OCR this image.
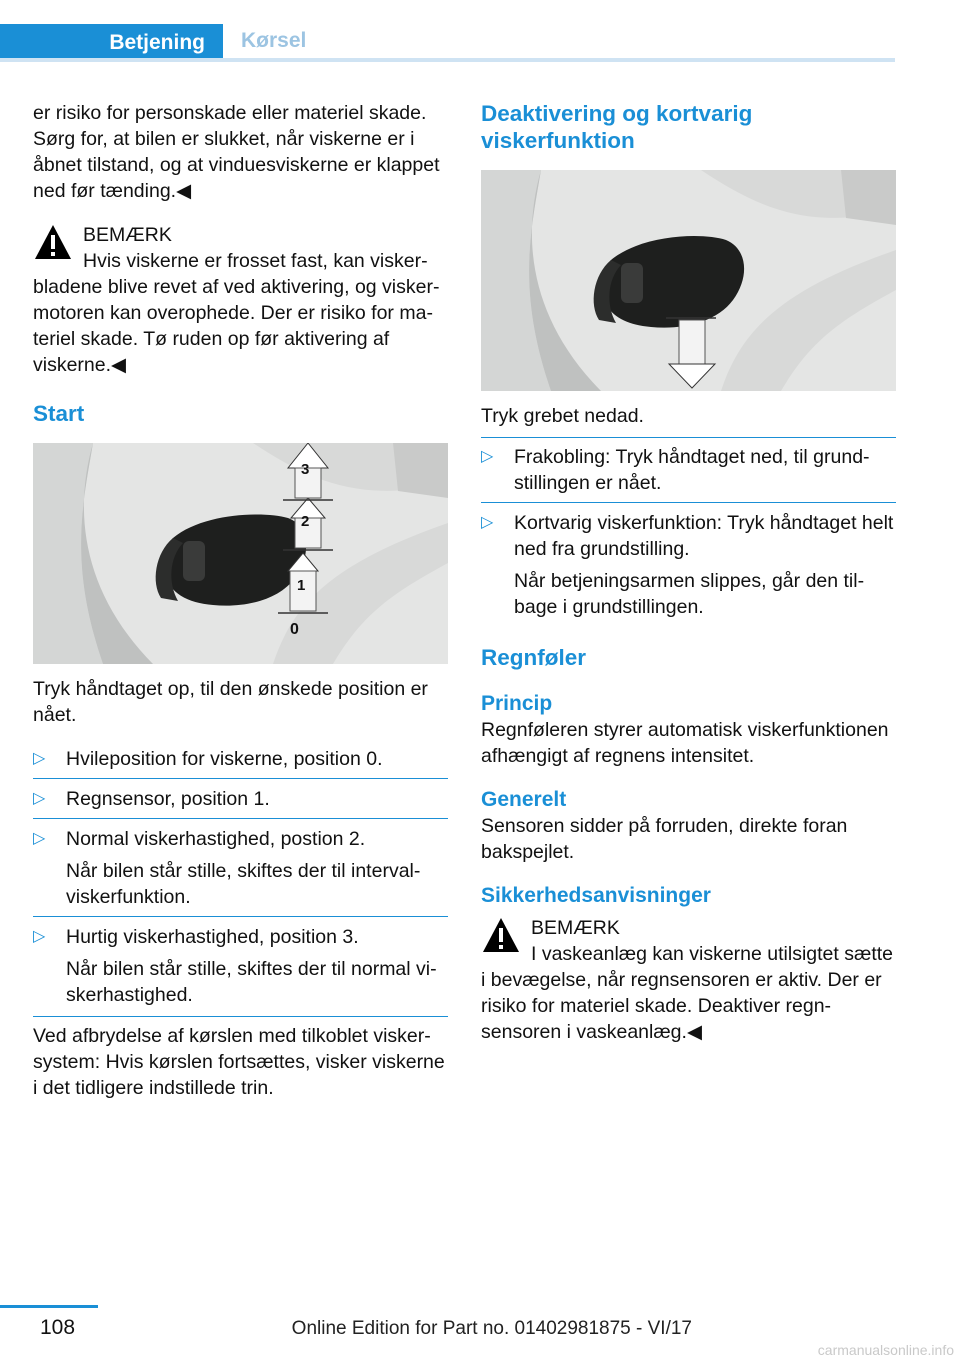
Betjening	Kørsel

er risiko for personskade eller materiel skade. Sørg for, at bilen er slukket, når viskerne er i åbnet tilstand, og at vinduesviskerne er klappet ned før tænding.◀

BEMÆRK

Hvis viskerne er frosset fast, kan viskerbladene blive revet af ved aktivering, og viskermotoren kan overophede. Der er risiko for materiel skade. Tø ruden op før aktivering af viskerne.◀

Start

3
2
1
0

Tryk håndtaget op, til den ønskede position er nået.

▷ Hvileposition for viskerne, position 0.
▷ Regnsensor, position 1.
▷ Normal viskerhastighed, postion 2.
Når bilen står stille, skiftes der til intervalviskerfunktion.
▷ Hurtig viskerhastighed, position 3.
Når bilen står stille, skiftes der til normal viskerhastighed.

Ved afbrydelse af kørslen med tilkoblet viskersystem: Hvis kørslen fortsættes, visker viskerne i det tidligere indstillede trin.

Deaktivering og kortvarig viskerfunktion

Tryk grebet nedad.

▷ Frakobling: Tryk håndtaget ned, til grundstillingen er nået.
▷ Kortvarig viskerfunktion: Tryk håndtaget helt ned fra grundstilling.
Når betjeningsarmen slippes, går den tilbage i grundstillingen.

Regnføler

Princip

Regnføleren styrer automatisk viskerfunktionen afhængigt af regnens intensitet.

Generelt

Sensoren sidder på forruden, direkte foran bakspejlet.

Sikkerhedsanvisninger

BEMÆRK

I vaskeanlæg kan viskerne utilsigtet sætte i bevægelse, når regnsensoren er aktiv. Der er risiko for materiel skade. Deaktiver regnsensoren i vaskeanlæg.◀

108	Online Edition for Part no. 01402981875 - VI/17
carmanualsonline.info
